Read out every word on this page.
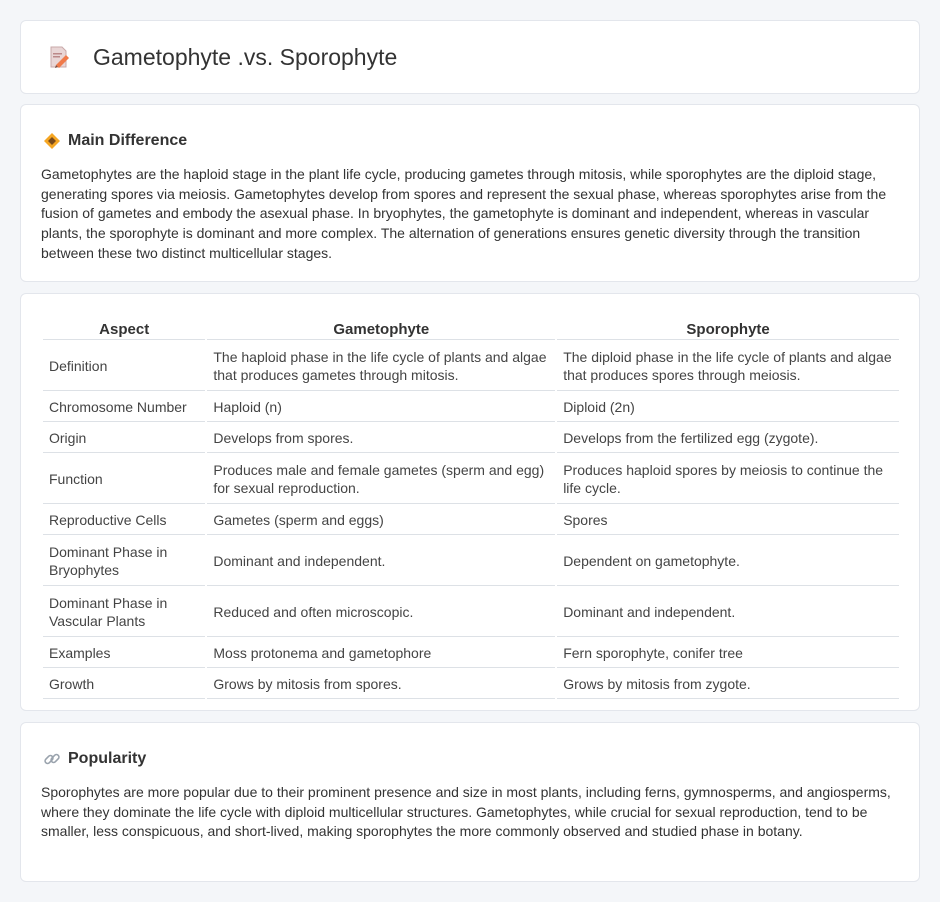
Gametophyte .vs. Sporophyte
Main Difference

Gametophytes are the haploid stage in the plant life cycle, producing gametes through mitosis, while sporophytes are the diploid stage, generating spores via meiosis. Gametophytes develop from spores and represent the sexual phase, whereas sporophytes arise from the fusion of gametes and embody the asexual phase. In bryophytes, the gametophyte is dominant and independent, whereas in vascular plants, the sporophyte is dominant and more complex. The alternation of generations ensures genetic diversity through the transition between these two distinct multicellular stages.

Aspect	Gametophyte	Sporophyte
Definition	The haploid phase in the life cycle of plants and algae that produces gametes through mitosis.	The diploid phase in the life cycle of plants and algae that produces spores through meiosis.
Chromosome Number	Haploid (n)	Diploid (2n)
Origin	Develops from spores.	Develops from the fertilized egg (zygote).
Function	Produces male and female gametes (sperm and egg) for sexual reproduction.	Produces haploid spores by meiosis to continue the life cycle.
Reproductive Cells	Gametes (sperm and eggs)	Spores
Dominant Phase in Bryophytes	Dominant and independent.	Dependent on gametophyte.
Dominant Phase in Vascular Plants	Reduced and often microscopic.	Dominant and independent.
Examples	Moss protonema and gametophore	Fern sporophyte, conifer tree
Growth	Grows by mitosis from spores.	Grows by mitosis from zygote.
Popularity

Sporophytes are more popular due to their prominent presence and size in most plants, including ferns, gymnosperms, and angiosperms, where they dominate the life cycle with diploid multicellular structures. Gametophytes, while crucial for sexual reproduction, tend to be smaller, less conspicuous, and short-lived, making sporophytes the more commonly observed and studied phase in botany.
